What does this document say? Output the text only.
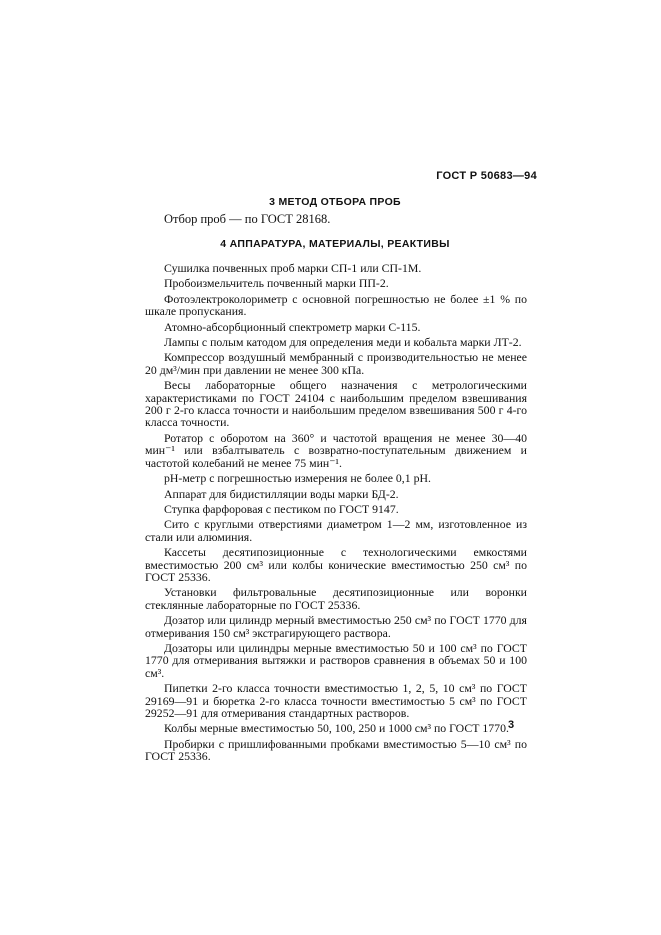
ГОСТ Р 50683—94
3 МЕТОД ОТБОРА ПРОБ
Отбор проб — по ГОСТ 28168.
4 АППАРАТУРА, МАТЕРИАЛЫ, РЕАКТИВЫ

Сушилка почвенных проб марки СП-1 или СП-1М.

Пробоизмельчитель почвенный марки ПП-2.

Фотоэлектроколориметр с основной погрешностью не более ±1 % по шкале пропускания.

Атомно-абсорбционный спектрометр марки С-115.

Лампы с полым катодом для определения меди и кобальта марки ЛТ-2.

Компрессор воздушный мембранный с производительностью не менее 20 дм³/мин при давлении не менее 300 кПа.

Весы лабораторные общего назначения с метрологическими характеристиками по ГОСТ 24104 с наибольшим пределом взвешивания 200 г 2-го класса точности и наибольшим пределом взвешивания 500 г 4-го класса точности.

Ротатор с оборотом на 360° и частотой вращения не менее 30—40 мин⁻¹ или взбалтыватель с возвратно-поступательным движением и частотой колебаний не менее 75 мин⁻¹.

рН-метр с погрешностью измерения не более 0,1 рН.

Аппарат для бидистилляции воды марки БД-2.

Ступка фарфоровая с пестиком по ГОСТ 9147.

Сито с круглыми отверстиями диаметром 1—2 мм, изготовленное из стали или алюминия.

Кассеты десятипозиционные с технологическими емкостями вместимостью 200 см³ или колбы конические вместимостью 250 см³ по ГОСТ 25336.

Установки фильтровальные десятипозиционные или воронки стеклянные лабораторные по ГОСТ 25336.

Дозатор или цилиндр мерный вместимостью 250 см³ по ГОСТ 1770 для отмеривания 150 см³ экстрагирующего раствора.

Дозаторы или цилиндры мерные вместимостью 50 и 100 см³ по ГОСТ 1770 для отмеривания вытяжки и растворов сравнения в объемах 50 и 100 см³.

Пипетки 2-го класса точности вместимостью 1, 2, 5, 10 см³ по ГОСТ 29169—91 и бюретка 2-го класса точности вместимостью 5 см³ по ГОСТ 29252—91 для отмеривания стандартных растворов.

Колбы мерные вместимостью 50, 100, 250 и 1000 см³ по ГОСТ 1770.

Пробирки с пришлифованными пробками вместимостью 5—10 см³ по ГОСТ 25336.

3
